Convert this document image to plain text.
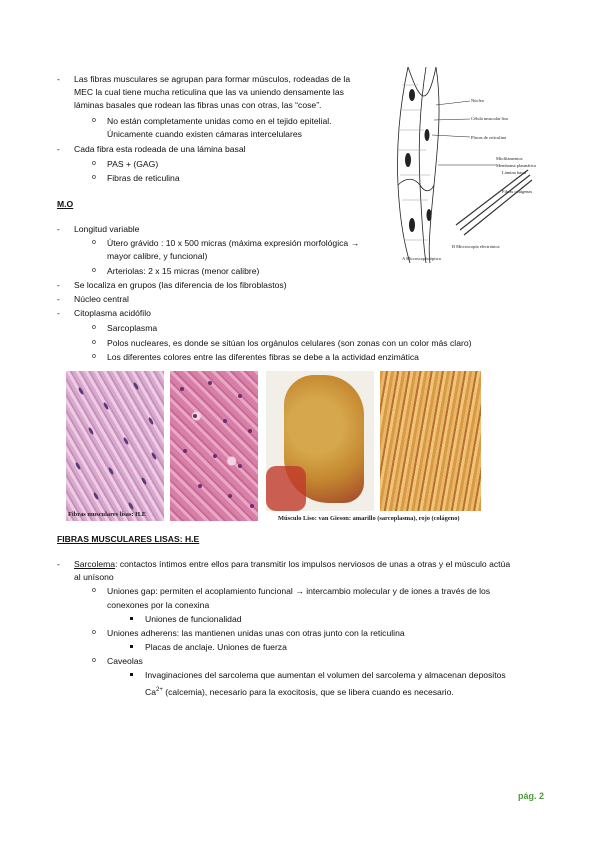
- Las fibras musculares se agrupan para formar músculos, rodeadas de la
MEC la cual tiene mucha reticulina que las va uniendo densamente las
láminas basales que rodean las fibras unas con otras, las “cose”.
o No están completamente unidas como en el tejido epitelial.
Únicamente cuando existen cámaras intercelulares
- Cada fibra esta rodeada de una lámina basal
o PAS + (GAG)
o Fibras de reticulina
Núcleo
Célula muscular lisa
Placas de reticulina
Miofilamentos
Membrana plasmática
Lámina basal
Fibras colágenas
A Microscopía óptica
B Microscopía electrónica
M.O
- Longitud variable
o Útero grávido : 10 x 500 micras (máxima expresión morfológica →
mayor calibre, y funcional)
o Arteriolas: 2 x 15 micras (menor calibre)
- Se localiza en grupos (las diferencia de los fibroblastos)
- Núcleo central
- Citoplasma acidófilo
o Sarcoplasma
o Polos nucleares, es donde se sitúan los orgánulos celulares (son zonas con un color más claro)
o Los diferentes colores entre las diferentes fibras se debe a la actividad enzimática
Fibras musculares lisas: H.E
Músculo Liso: van Gieson: amarillo (sarcoplasma), rojo (colágeno)
FIBRAS MUSCULARES LISAS: H.E
- Sarcolema: contactos íntimos entre ellos para transmitir los impulsos nerviosos de unas a otras y el músculo actúa
al unísono
o Uniones gap: permiten el acoplamiento funcional → intercambio molecular y de iones a través de los
conexones por la conexina
Uniones de funcionalidad
o Uniones adherens: las mantienen unidas unas con otras junto con la reticulina
Placas de anclaje. Uniones de fuerza
o Caveolas
Invaginaciones del sarcolema que aumentan el volumen del sarcolema y almacenan depositos
$Ca^{2+}$ (calcemia), necesario para la exocitosis, que se libera cuando es necesario.
pág. 2
